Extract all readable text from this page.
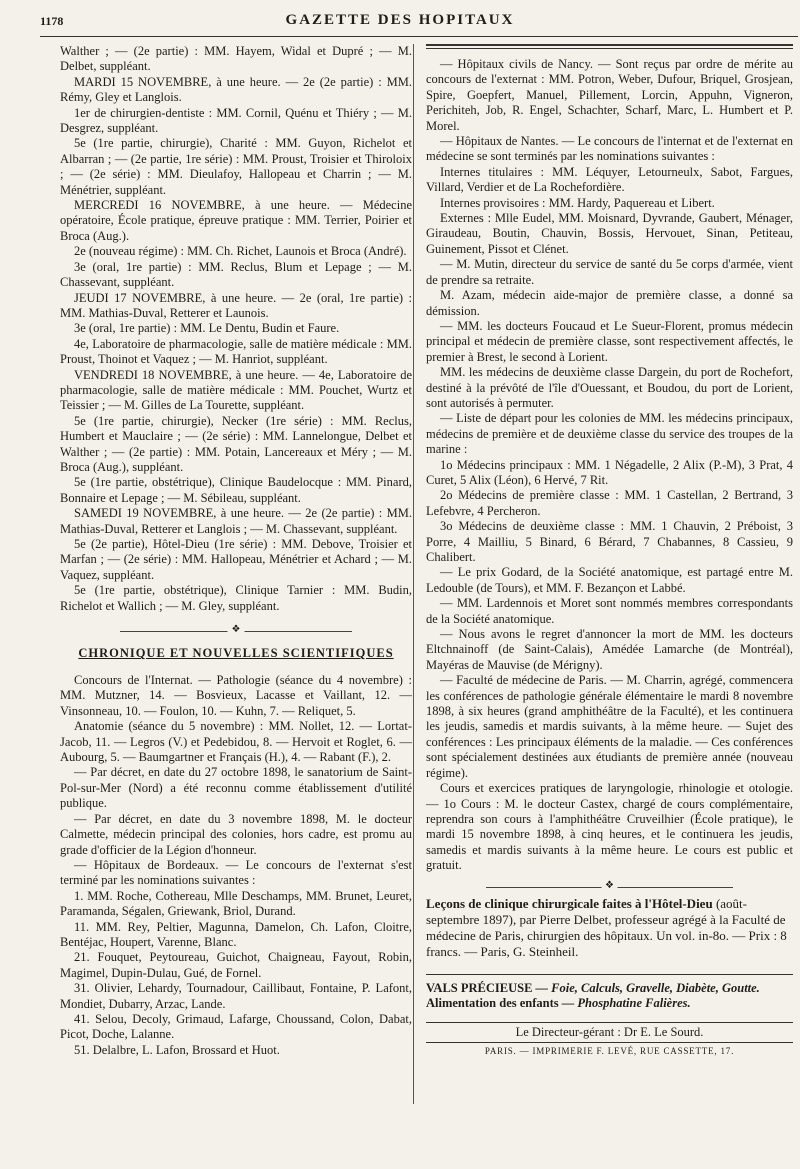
1178	GAZETTE DES HOPITAUX

Walther ; — (2e partie) : MM. Hayem, Widal et Dupré ; — M. Delbet, suppléant.

MARDI 15 NOVEMBRE, à une heure. — 2e (2e partie) : MM. Rémy, Gley et Langlois.

1er de chirurgien-dentiste : MM. Cornil, Quénu et Thiéry ; — M. Desgrez, suppléant.

5e (1re partie, chirurgie), Charité : MM. Guyon, Richelot et Albarran ; — (2e partie, 1re série) : MM. Proust, Troisier et Thiroloix ; — (2e série) : MM. Dieulafoy, Hallopeau et Charrin ; — M. Ménétrier, suppléant.

MERCREDI 16 NOVEMBRE, à une heure. — Médecine opératoire, École pratique, épreuve pratique : MM. Terrier, Poirier et Broca (Aug.).

2e (nouveau régime) : MM. Ch. Richet, Launois et Broca (André).

3e (oral, 1re partie) : MM. Reclus, Blum et Lepage ; — M. Chassevant, suppléant.

JEUDI 17 NOVEMBRE, à une heure. — 2e (oral, 1re partie) : MM. Mathias-Duval, Retterer et Launois.

3e (oral, 1re partie) : MM. Le Dentu, Budin et Faure.

4e, Laboratoire de pharmacologie, salle de matière médicale : MM. Proust, Thoinot et Vaquez ; — M. Hanriot, suppléant.

VENDREDI 18 NOVEMBRE, à une heure. — 4e, Laboratoire de pharmacologie, salle de matière médicale : MM. Pouchet, Wurtz et Teissier ; — M. Gilles de La Tourette, suppléant.

5e (1re partie, chirurgie), Necker (1re série) : MM. Reclus, Humbert et Mauclaire ; — (2e série) : MM. Lannelongue, Delbet et Walther ; — (2e partie) : MM. Potain, Lancereaux et Méry ; — M. Broca (Aug.), suppléant.

5e (1re partie, obstétrique), Clinique Baudelocque : MM. Pinard, Bonnaire et Lepage ; — M. Sébileau, suppléant.

SAMEDI 19 NOVEMBRE, à une heure. — 2e (2e partie) : MM. Mathias-Duval, Retterer et Langlois ; — M. Chassevant, suppléant.

5e (2e partie), Hôtel-Dieu (1re série) : MM. Debove, Troisier et Marfan ; — (2e série) : MM. Hallopeau, Ménétrier et Achard ; — M. Vaquez, suppléant.

5e (1re partie, obstétrique), Clinique Tarnier : MM. Budin, Richelot et Wallich ; — M. Gley, suppléant.

❖
CHRONIQUE ET NOUVELLES SCIENTIFIQUES

Concours de l'Internat. — Pathologie (séance du 4 novembre) : MM. Mutzner, 14. — Bosvieux, Lacasse et Vaillant, 12. — Vinsonneau, 10. — Foulon, 10. — Kuhn, 7. — Reliquet, 5.

Anatomie (séance du 5 novembre) : MM. Nollet, 12. — Lortat-Jacob, 11. — Legros (V.) et Pedebidou, 8. — Hervoit et Roglet, 6. — Aubourg, 5. — Baumgartner et Français (H.), 4. — Rabant (F.), 2.

— Par décret, en date du 27 octobre 1898, le sanatorium de Saint-Pol-sur-Mer (Nord) a été reconnu comme établissement d'utilité publique.

— Par décret, en date du 3 novembre 1898, M. le docteur Calmette, médecin principal des colonies, hors cadre, est promu au grade d'officier de la Légion d'honneur.

— Hôpitaux de Bordeaux. — Le concours de l'externat s'est terminé par les nominations suivantes :

1. MM. Roche, Cothereau, Mlle Deschamps, MM. Brunet, Leuret, Paramanda, Ségalen, Griewank, Briol, Durand.

11. MM. Rey, Peltier, Magunna, Damelon, Ch. Lafon, Cloitre, Bentéjac, Houpert, Varenne, Blanc.

21. Fouquet, Peytoureau, Guichot, Chaigneau, Fayout, Robin, Magimel, Dupin-Dulau, Gué, de Fornel.

31. Olivier, Lehardy, Tournadour, Caillibaut, Fontaine, P. Lafont, Mondiet, Dubarry, Arzac, Lande.

41. Selou, Decoly, Grimaud, Lafarge, Choussand, Colon, Dabat, Picot, Doche, Lalanne.

51. Delalbre, L. Lafon, Brossard et Huot.

— Hôpitaux civils de Nancy. — Sont reçus par ordre de mérite au concours de l'externat : MM. Potron, Weber, Dufour, Briquel, Grosjean, Spire, Goepfert, Manuel, Pillement, Lorcin, Appuhn, Vigneron, Perichiteh, Job, R. Engel, Schachter, Scharf, Marc, L. Humbert et P. Morel.

— Hôpitaux de Nantes. — Le concours de l'internat et de l'externat en médecine se sont terminés par les nominations suivantes :

Internes titulaires : MM. Léquyer, Letourneulx, Sabot, Fargues, Villard, Verdier et de La Rochefordière.

Internes provisoires : MM. Hardy, Paquereau et Libert.

Externes : Mlle Eudel, MM. Moisnard, Dyvrande, Gaubert, Ménager, Giraudeau, Boutin, Chauvin, Bossis, Hervouet, Sinan, Petiteau, Guinement, Pissot et Clénet.

— M. Mutin, directeur du service de santé du 5e corps d'armée, vient de prendre sa retraite.

M. Azam, médecin aide-major de première classe, a donné sa démission.

— MM. les docteurs Foucaud et Le Sueur-Florent, promus médecin principal et médecin de première classe, sont respectivement affectés, le premier à Brest, le second à Lorient.

MM. les médecins de deuxième classe Dargein, du port de Rochefort, destiné à la prévôté de l'île d'Ouessant, et Boudou, du port de Lorient, sont autorisés à permuter.

— Liste de départ pour les colonies de MM. les médecins principaux, médecins de première et de deuxième classe du service des troupes de la marine :

1o Médecins principaux : MM. 1 Négadelle, 2 Alix (P.-M), 3 Prat, 4 Curet, 5 Alix (Léon), 6 Hervé, 7 Rit.

2o Médecins de première classe : MM. 1 Castellan, 2 Bertrand, 3 Lefebvre, 4 Percheron.

3o Médecins de deuxième classe : MM. 1 Chauvin, 2 Préboist, 3 Porre, 4 Mailliu, 5 Binard, 6 Bérard, 7 Chabannes, 8 Cassieu, 9 Chalibert.

— Le prix Godard, de la Société anatomique, est partagé entre M. Ledouble (de Tours), et MM. F. Bezançon et Labbé.

— MM. Lardennois et Moret sont nommés membres correspondants de la Société anatomique.

— Nous avons le regret d'annoncer la mort de MM. les docteurs Eltchnainoff (de Saint-Calais), Amédée Lamarche (de Montréal), Mayéras de Mauvise (de Mérigny).

— Faculté de médecine de Paris. — M. Charrin, agrégé, commencera les conférences de pathologie générale élémentaire le mardi 8 novembre 1898, à six heures (grand amphithéâtre de la Faculté), et les continuera les jeudis, samedis et mardis suivants, à la même heure. — Sujet des conférences : Les principaux éléments de la maladie. — Ces conférences sont spécialement destinées aux étudiants de première année (nouveau régime).

Cours et exercices pratiques de laryngologie, rhinologie et otologie. — 1o Cours : M. le docteur Castex, chargé de cours complémentaire, reprendra son cours à l'amphithéâtre Cruveilhier (École pratique), le mardi 15 novembre 1898, à cinq heures, et le continuera les jeudis, samedis et mardis suivants à la même heure. Le cours est public et gratuit.

❖

Leçons de clinique chirurgicale faites à l'Hôtel-Dieu (août-septembre 1897), par Pierre Delbet, professeur agrégé à la Faculté de médecine de Paris, chirurgien des hôpitaux. Un vol. in-8o. — Prix : 8 francs. — Paris, G. Steinheil.

VALS PRÉCIEUSE — Foie, Calculs, Gravelle, Diabète, Goutte.

Alimentation des enfants — Phosphatine Falières.

Le Directeur-gérant : Dr E. Le Sourd.
PARIS. — IMPRIMERIE F. LEVÉ, RUE CASSETTE, 17.
